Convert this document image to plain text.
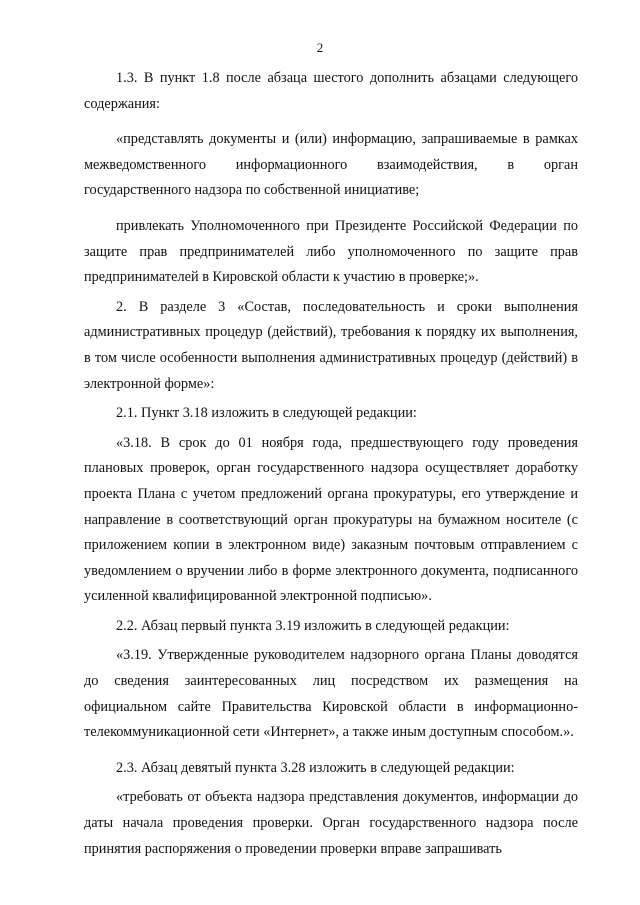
2

1.3. В пункт 1.8 после абзаца шестого дополнить абзацами следующего содержания:

«представлять документы и (или) информацию, запрашиваемые в рамках межведомственного информационного взаимодействия, в орган государственного надзора по собственной инициативе;

привлекать Уполномоченного при Президенте Российской Федерации по защите прав предпринимателей либо уполномоченного по защите прав предпринимателей в Кировской области к участию в проверке;».

2. В разделе 3 «Состав, последовательность и сроки выполнения административных процедур (действий), требования к порядку их выполнения, в том числе особенности выполнения административных процедур (действий) в электронной форме»:

2.1. Пункт 3.18 изложить в следующей редакции:

«3.18. В срок до 01 ноября года, предшествующего году проведения плановых проверок, орган государственного надзора осуществляет доработку проекта Плана с учетом предложений органа прокуратуры, его утверждение и направление в соответствующий орган прокуратуры на бумажном носителе (с приложением копии в электронном виде) заказным почтовым отправлением с уведомлением о вручении либо в форме электронного документа, подписанного усиленной квалифицированной электронной подписью».

2.2. Абзац первый пункта 3.19 изложить в следующей редакции:

«3.19. Утвержденные руководителем надзорного органа Планы доводятся до сведения заинтересованных лиц посредством их размещения на официальном сайте Правительства Кировской области в информационно-телекоммуникационной сети «Интернет», а также иным доступным способом.».

2.3. Абзац девятый пункта 3.28 изложить в следующей редакции:

«требовать от объекта надзора представления документов, информации до даты начала проведения проверки. Орган государственного надзора после принятия распоряжения о проведении проверки вправе запрашивать
